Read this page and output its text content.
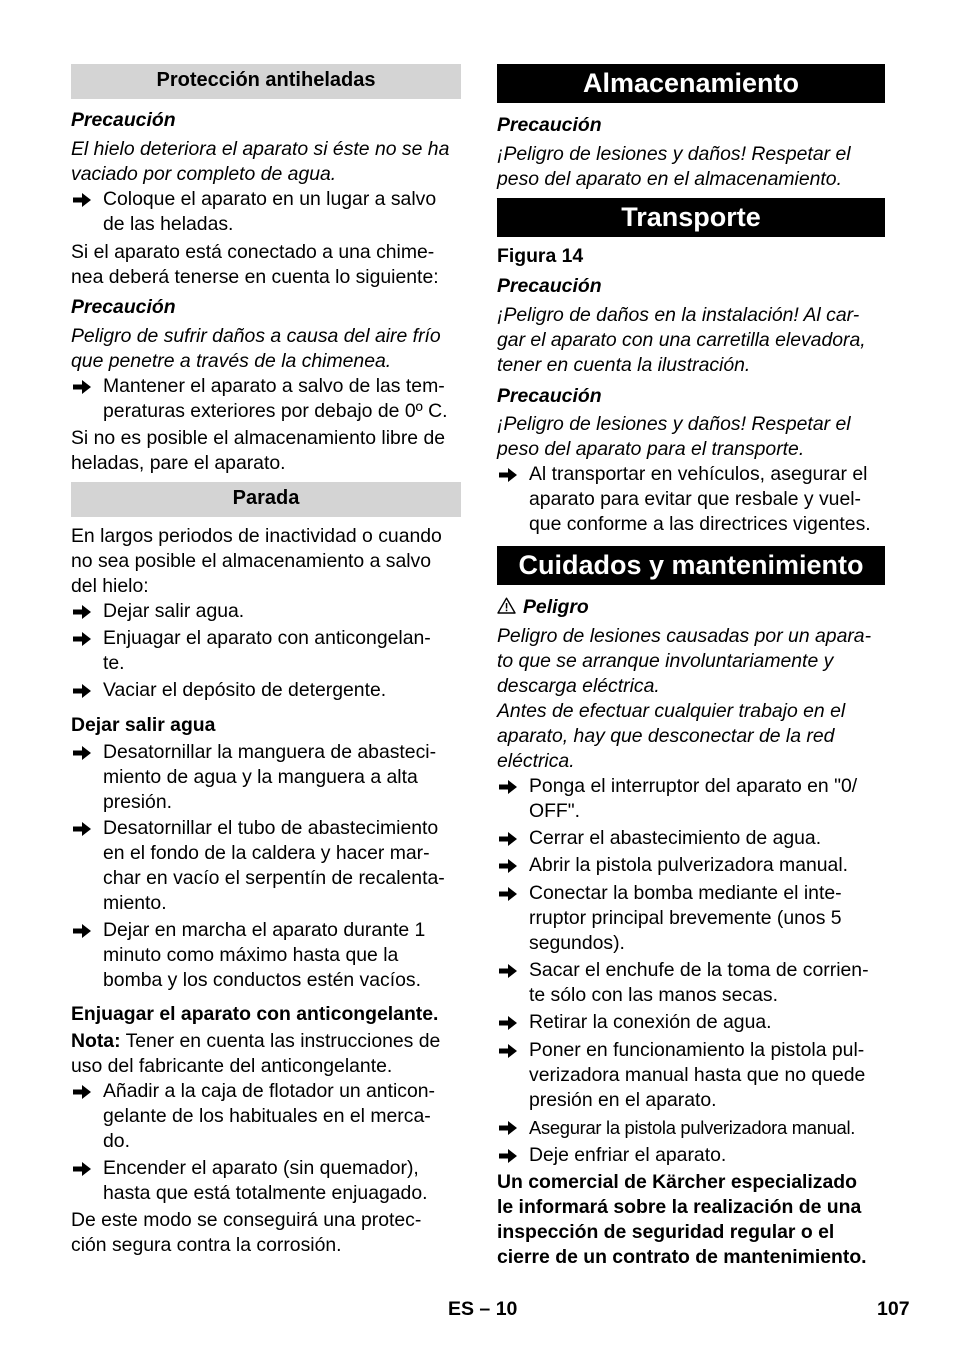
Protección antiheladas
Precaución
El hielo deteriora el aparato si éste no se ha
vaciado por completo de agua.
Coloque el aparato en un lugar a salvo
de las heladas.
Si el aparato está conectado a una chime-
nea deberá tenerse en cuenta lo siguiente:
Precaución
Peligro de sufrir daños a causa del aire frío
que penetre a través de la chimenea.
Mantener el aparato a salvo de las tem-
peraturas exteriores por debajo de 0º C.
Si no es posible el almacenamiento libre de
heladas, pare el aparato.
Parada
En largos periodos de inactividad o cuando
no sea posible el almacenamiento a salvo
del hielo:
Dejar salir agua.
Enjuagar el aparato con anticongelan-
te.
Vaciar el depósito de detergente.
Dejar salir agua
Desatornillar la manguera de abasteci-
miento de agua y la manguera a alta
presión.
Desatornillar el tubo de abastecimiento
en el fondo de la caldera y hacer mar-
char en vacío el serpentín de recalenta-
miento.
Dejar en marcha el aparato durante 1
minuto como máximo hasta que la
bomba y los conductos estén vacíos.
Enjuagar el aparato con anticongelante.
Nota: Tener en cuenta las instrucciones de
uso del fabricante del anticongelante.
Añadir a la caja de flotador un anticon-
gelante de los habituales en el merca-
do.
Encender el aparato (sin quemador),
hasta que está totalmente enjuagado.
De este modo se conseguirá una protec-
ción segura contra la corrosión.
Almacenamiento
Precaución
¡Peligro de lesiones y daños! Respetar el
peso del aparato en el almacenamiento.
Transporte
Figura 14
Precaución
¡Peligro de daños en la instalación! Al car-
gar el aparato con una carretilla elevadora,
tener en cuenta la ilustración.
Precaución
¡Peligro de lesiones y daños! Respetar el
peso del aparato para el transporte.
Al transportar en vehículos, asegurar el
aparato para evitar que resbale y vuel-
que conforme a las directrices vigentes.
Cuidados y mantenimiento
Peligro
Peligro de lesiones causadas por un apara-
to que se arranque involuntariamente y
descarga eléctrica.
Antes de efectuar cualquier trabajo en el
aparato, hay que desconectar de la red
eléctrica.
Ponga el interruptor del aparato en "0/
OFF".
Cerrar el abastecimiento de agua.
Abrir la pistola pulverizadora manual.
Conectar la bomba mediante el inte-
rruptor principal brevemente (unos 5
segundos).
Sacar el enchufe de la toma de corrien-
te sólo con las manos secas.
Retirar la conexión de agua.
Poner en funcionamiento la pistola pul-
verizadora manual hasta que no quede
presión en el aparato.
Asegurar la pistola pulverizadora manual.
Deje enfriar el aparato.
Un comercial de Kärcher especializado
le informará sobre la realización de una
inspección de seguridad regular o el
cierre de un contrato de mantenimiento.
ES – 10	107
